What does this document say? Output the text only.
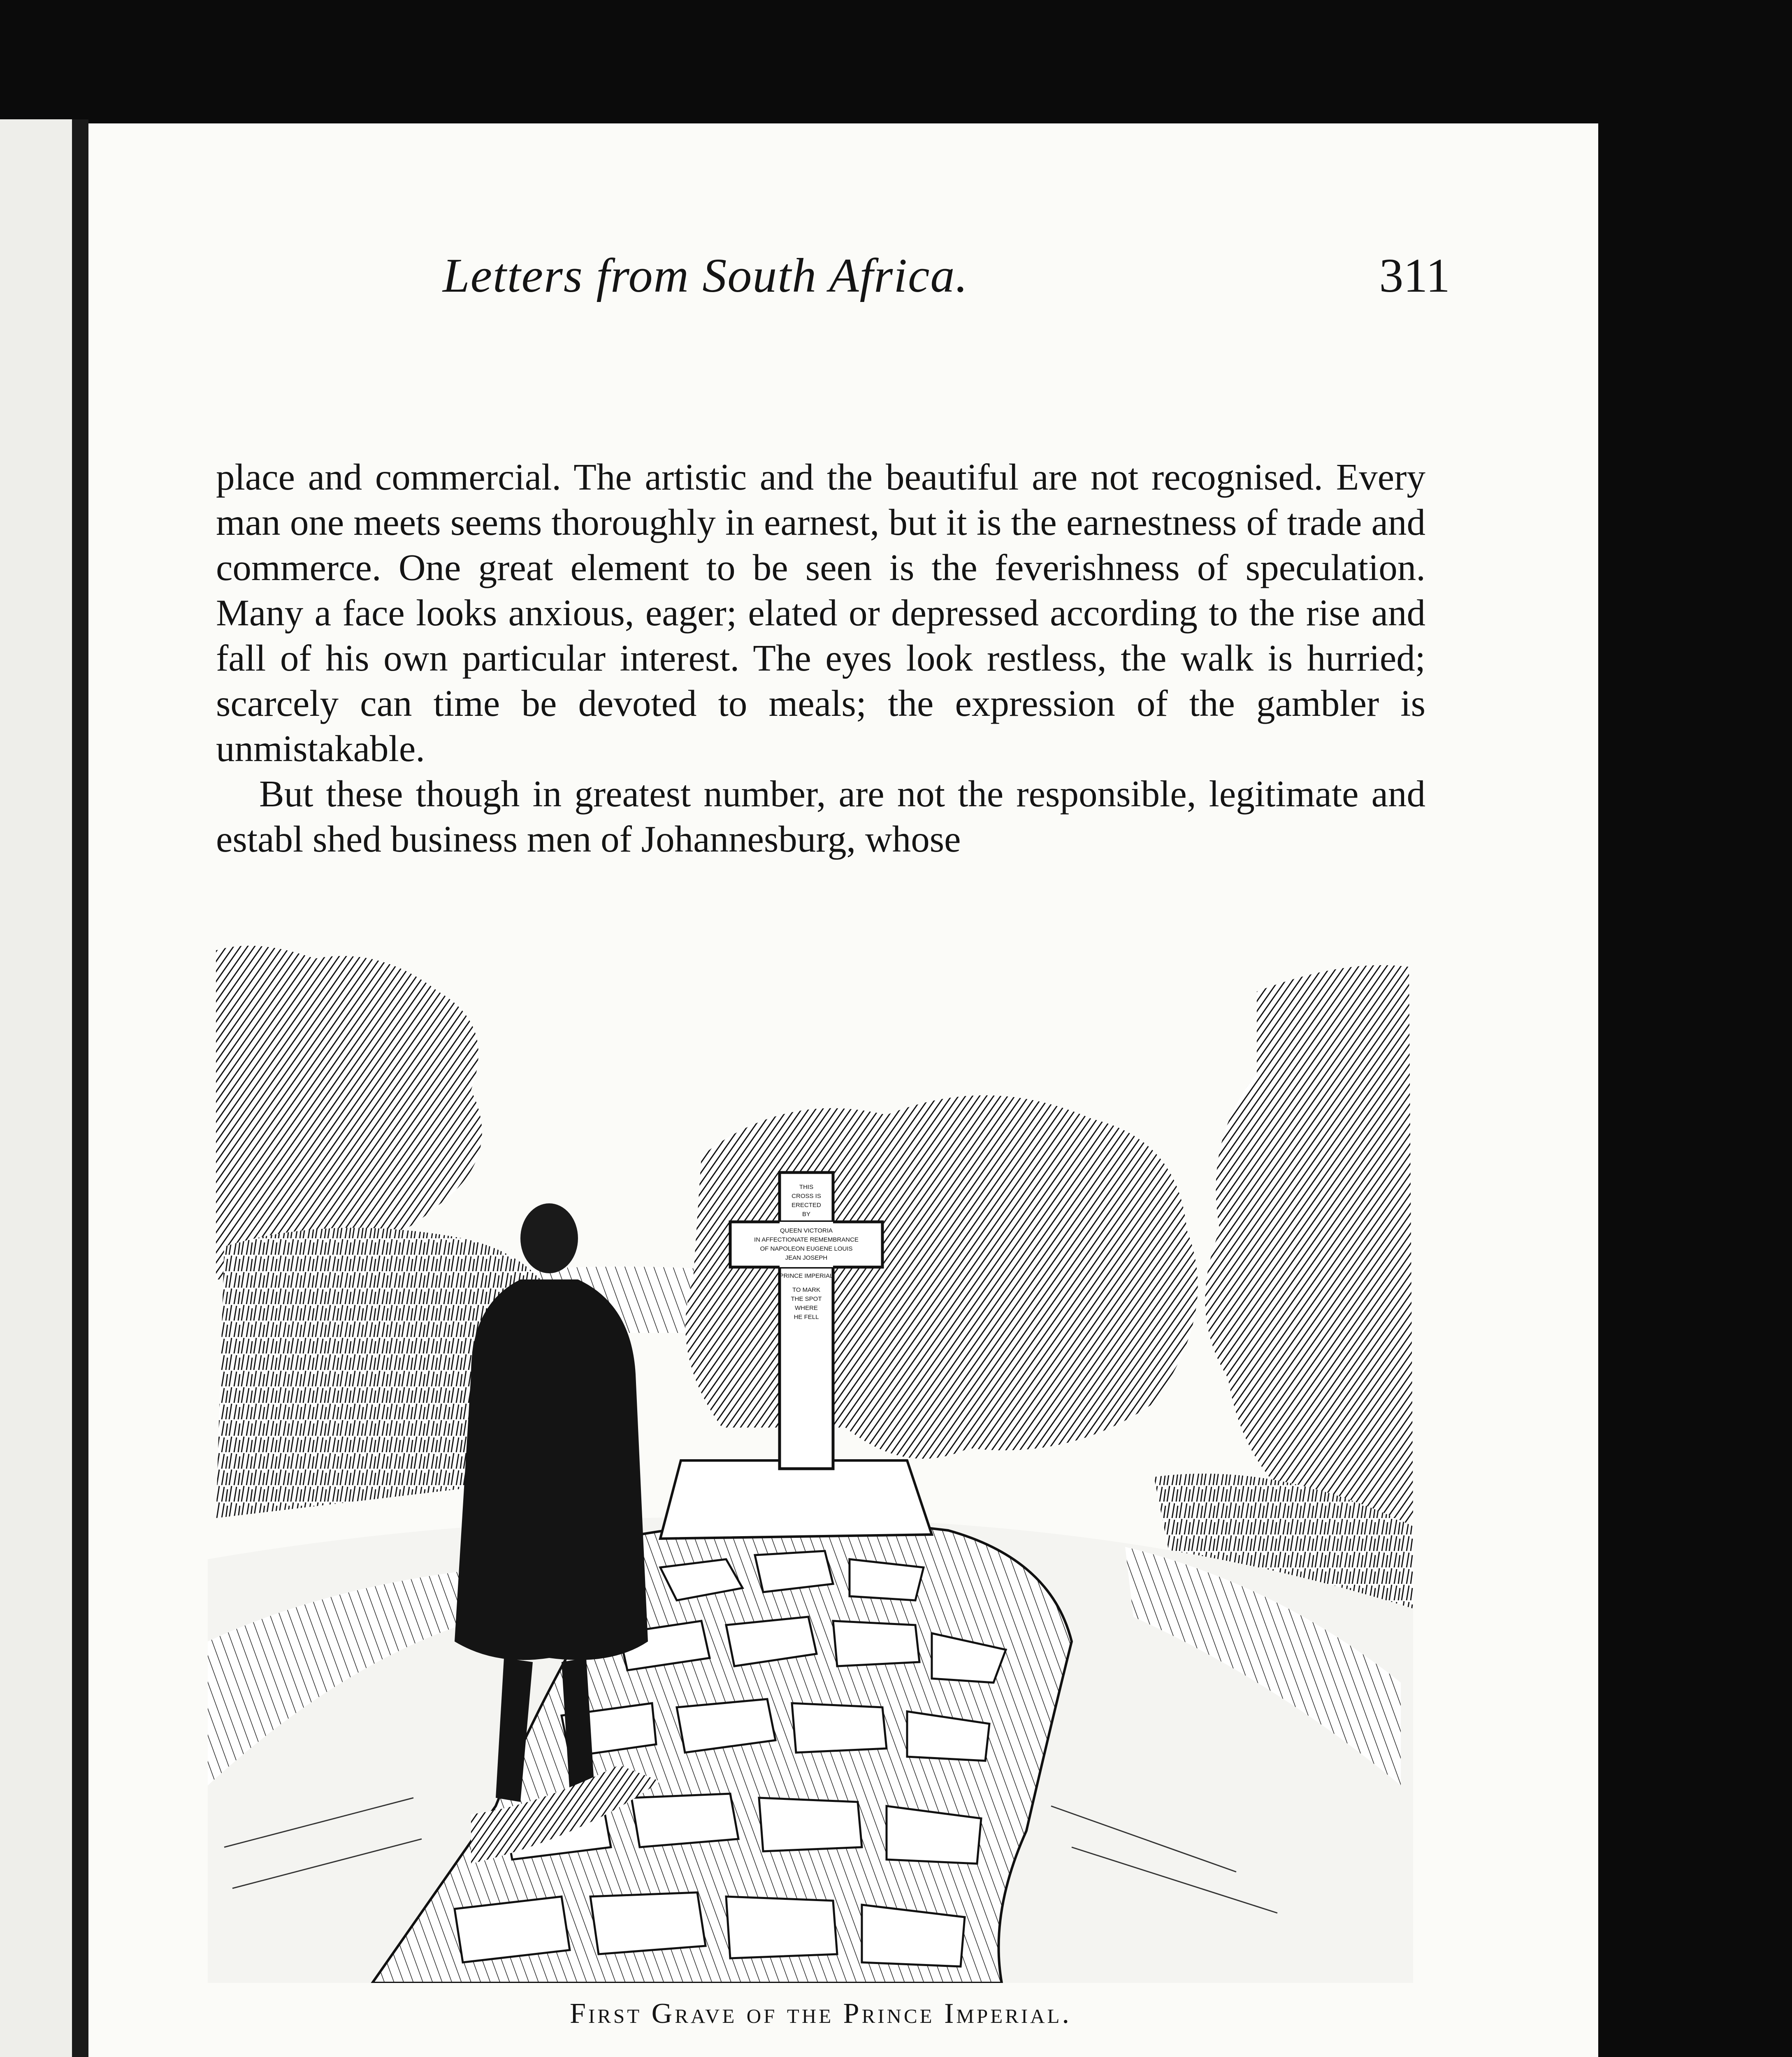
Letters from South Africa.	311

place and commercial. The artistic and the beautiful are not recognised. Every man one meets seems thoroughly in earnest, but it is the earnestness of trade and commerce. One great element to be seen is the feverishness of speculation. Many a face looks anxious, eager; elated or depressed according to the rise and fall of his own particular interest. The eyes look restless, the walk is hurried; scarcely can time be devoted to meals; the expression of the gambler is unmistakable.

But these though in greatest number, are not the responsible, legitimate and establ shed business men of Johannesburg, whose

THIS
CROSS IS
ERECTED
BY
QUEEN VICTORIA
IN AFFECTIONATE REMEMBRANCE
OF NAPOLEON EUGENE LOUIS
JEAN JOSEPH
PRINCE IMPERIAL
TO MARK
THE SPOT
WHERE
HE FELL
First Grave of the Prince Imperial.
